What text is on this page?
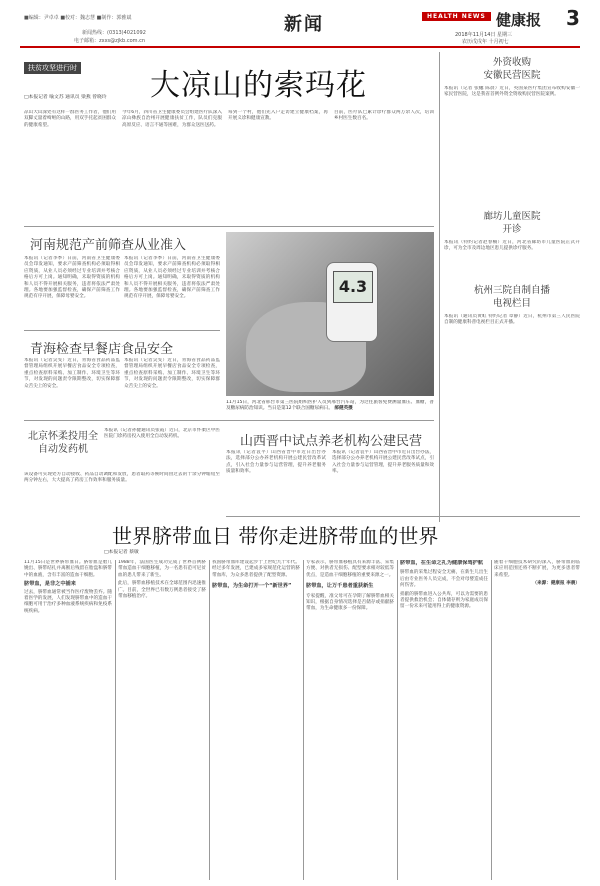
■编辑：尹卓卓 ■校对：魏志慧 ■制作：郭雅斌
新闻热线：(0313)4021092
电子邮箱：zxxs@zjkb.com.cn
新闻	HEALTH NEWS 健康报 3
2018年11月14日 星期三
农历戊戌年 十月初七
扶贫攻坚进行时
□本报记者 喻文苏 通讯员 梁燕 曾晓玲 大凉山的索玛花

凉山大山深处有这样一群医务工作者，他们用双脚丈量着崎岖的山路，用双手托起贫困群众的健康希望。

今年6月，四川省卫生健康委员会组建医疗队深入凉山彝族自治州开展健康扶贫工作，队员们克服高原反应、语言不通等困难，为群众送医送药。

每到一个村，他们先入户走访建立健康档案，再开展义诊和健康宣教。

目前，医疗队已累计诊疗群众两万余人次，培训乡村医生数百名。

河南规范产前筛查从业准入
本报讯（记者李季）日前，河南省卫生健康委员会印发通知，要求产前筛查机构必须取得相应资质，从业人员必须经过专业培训并考核合格后方可上岗。通知明确，未取得资质的机构和人员不得开展相关服务，违者将依法严肃处理。各地要加强监督检查，确保产前筛查工作规范有序开展，保障母婴安全。
本报讯（记者李季）日前，河南省卫生健康委员会印发通知，要求产前筛查机构必须取得相应资质，从业人员必须经过专业培训并考核合格后方可上岗。通知明确，未取得资质的机构和人员不得开展相关服务，违者将依法严肃处理。各地要加强监督检查，确保产前筛查工作规范有序开展，保障母婴安全。
青海检查早餐店食品安全
本报讯（记者吴雯）近日，青海省食品药品监督管理局组织开展早餐店食品安全专项检查，重点检查原料采购、加工制作、环境卫生等环节，对发现的问题责令限期整改，切实保障群众舌尖上的安全。
本报讯（记者吴雯）近日，青海省食品药品监督管理局组织开展早餐店食品安全专项检查，重点检查原料采购、加工制作、环境卫生等环节，对发现的问题责令限期整改，切实保障群众舌尖上的安全。
北京怀柔投用全自动发药机
本报讯（记者孙健通讯员张霞）近日，北京市怀柔区中医医院门诊药房投入使用全自动发药机。
该设备可实现处方自动接收、药品自动调配和发放，患者取药等候时间由过去的十余分钟缩短至两分钟左右，大大提高了药房工作效率和服务质量。
4.3
11月15日，河北省邢台市第三医院组织医护人员到邢台汽车站，为过往旅客免费测量血压、血糖，普及糖尿病防治知识。当日是第12个联合国糖尿病日。 郝健英摄
山西晋中试点养老机构公建民营
本报讯（记者袁平）山西省晋中市近日出台办法，选择部分公办养老机构开展公建民营改革试点，引入社会力量参与运营管理，提升养老服务质量和效率。
本报讯（记者袁平）山西省晋中市近日出台办法，选择部分公办养老机构开展公建民营改革试点，引入社会力量参与运营管理，提升养老服务质量和效率。
外资收购
安徽民营医院
本报讯（记者 张樾 陈晨）近日，英国某医疗集团宣布收购安徽一家民营医院，这是我省首例外资全资收购民营医院案例。
廊坊儿童医院
开诊
本报讯（特约记者赵春楠）近日，河北省廊坊市儿童医院正式开诊，可为全市及周边地区患儿提供诊疗服务。
杭州三院自制自播
电视栏目
本报讯（通讯员黄虹 特约记者 章静）近日，杭州市第三人民医院自制的健康科普电视栏目正式开播。
世界脐带血日 带你走进脐带血的世界
□本报记者 蔡敏

11月15日是世界脐带血日。脐带血是胎儿娩出、脐带结扎并离断后残留在胎盘和脐带中的血液，含有丰富的造血干细胞。

脐带血，是非之中捕来

过去，脐带血通常被当作医疗废物丢弃。随着医学的发展，人们发现脐带血中的造血干细胞可用于治疗多种血液系统疾病和免疫系统疾病。

1988年，法国医生成功完成了世界首例脐带血造血干细胞移植，为一名患有范可尼贫血的患儿带来了新生。

此后，脐带血移植技术在全球范围内迅速推广。目前，全世界已有数万例患者接受了脐带血移植治疗。

我国脐带血库建设起步于上世纪九十年代。经过多年发展，已建成多家规范化运营的脐带血库，为众多患者提供了配型资源。

脐带血，为生命打开一个“新世界”

专家表示，脐带血移植具有来源丰富、采集方便、对供者无损伤、配型要求相对较低等优点，是造血干细胞移植的重要来源之一。

脐带血，让万千患者重获新生

专家提醒，准父母可在孕期了解脐带血相关知识，根据自身情况选择是否储存或捐献脐带血，为生命健康多一份保障。

脐带血，在生命之礼为健康保驾护航

脐带血的采集过程安全无痛，在新生儿出生后由专业医务人员完成，不会对母婴造成任何伤害。

捐献的脐带血进入公共库，可以为需要的患者提供救治机会；自体储存则为家庭成员保留一份未来可能用得上的健康资源。

随着干细胞技术研究的深入，脐带血的临床应用范围还将不断扩展，为更多患者带来希望。

（来源：健康报 李晨）
